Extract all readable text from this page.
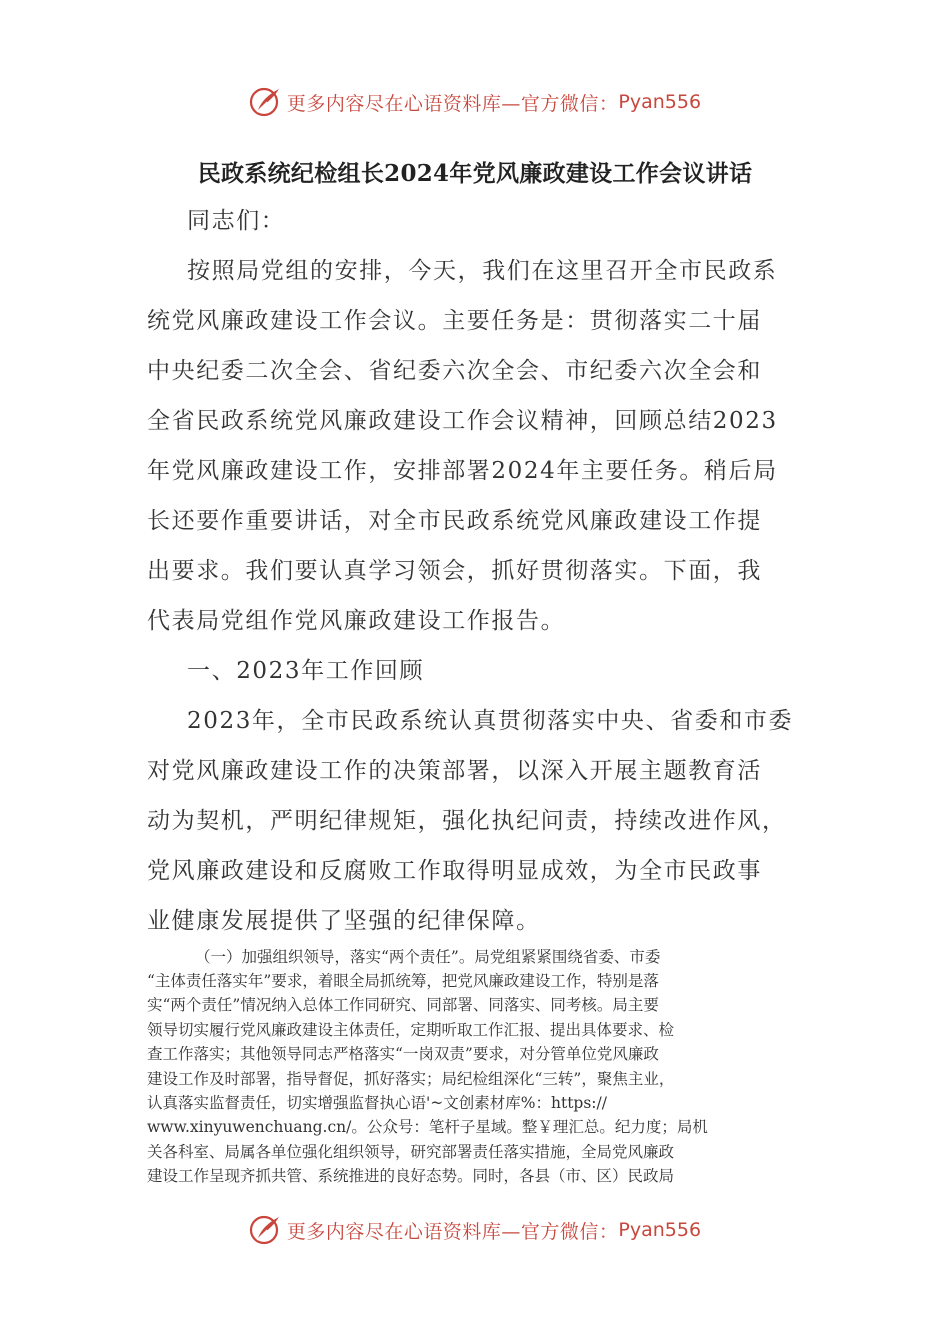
更多内容尽在心语资料库—官方微信： Pyan556
民政系统纪检组长2024年党风廉政建设工作会议讲话
同志们：
按照局党组的安排，今天，我们在这里召开全市民政系
统党风廉政建设工作会议。主要任务是：贯彻落实二十届
中央纪委二次全会、省纪委六次全会、市纪委六次全会和
全省民政系统党风廉政建设工作会议精神，回顾总结2023
年党风廉政建设工作，安排部署2024年主要任务。稍后局
长还要作重要讲话，对全市民政系统党风廉政建设工作提
出要求。我们要认真学习领会，抓好贯彻落实。下面，我
代表局党组作党风廉政建设工作报告。
一、2023年工作回顾
2023年，全市民政系统认真贯彻落实中央、省委和市委
对党风廉政建设工作的决策部署，以深入开展主题教育活
动为契机，严明纪律规矩，强化执纪问责，持续改进作风，
党风廉政建设和反腐败工作取得明显成效，为全市民政事
业健康发展提供了坚强的纪律保障。
（一）加强组织领导，落实“两个责任”。局党组紧紧围绕省委、市委
“主体责任落实年”要求，着眼全局抓统筹，把党风廉政建设工作，特别是落
实“两个责任”情况纳入总体工作同研究、同部署、同落实、同考核。局主要
领导切实履行党风廉政建设主体责任，定期听取工作汇报、提出具体要求、检
查工作落实；其他领导同志严格落实“一岗双责”要求，对分管单位党风廉政
建设工作及时部署，指导督促，抓好落实；局纪检组深化“三转”，聚焦主业，
认真落实监督责任，切实增强监督执心语'~文创素材库%：https://
www.xinyuwenchuang.cn/。公众号：笔杆子星域。整￥理汇总。纪力度；局机
关各科室、局属各单位强化组织领导，研究部署责任落实措施，全局党风廉政
建设工作呈现齐抓共管、系统推进的良好态势。同时，各县（市、区）民政局
更多内容尽在心语资料库—官方微信： Pyan556
